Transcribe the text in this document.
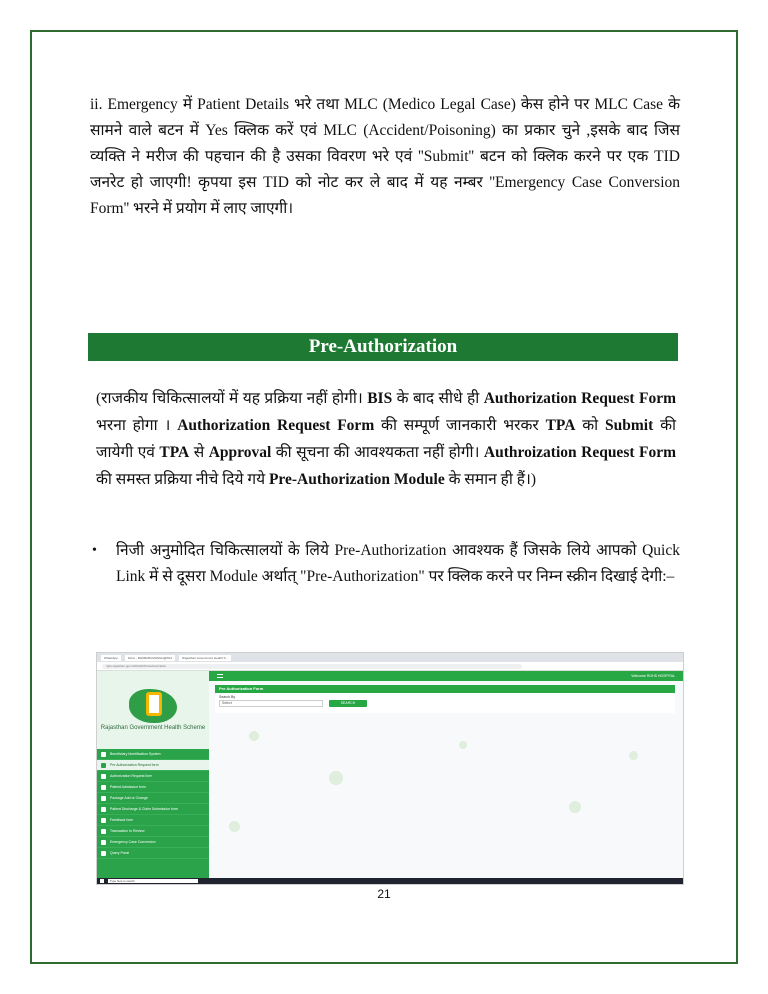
ii. Emergency में Patient Details भरे तथा MLC (Medico Legal Case) केस होने पर MLC Case के सामने वाले बटन में Yes क्लिक करें एवं MLC (Accident/Poisoning) का प्रकार चुने ,इसके बाद जिस व्यक्ति ने मरीज की पहचान की है उसका विवरण भरे एवं ''Submit'' बटन को क्लिक करने पर एक TID जनरेट हो जाएगी! कृपया इस TID को नोट कर ले बाद में यह नम्बर ''Emergency Case Conversion Form'' भरने में प्रयोग में लाए जाएगी।

Pre-Authorization

(राजकीय चिकित्सालयों में यह प्रक्रिया नहीं होगी। BIS के बाद सीधे ही Authorization Request Form भरना होगा । Authorization Request Form की सम्पूर्ण जानकारी भरकर TPA को Submit की जायेगी एवं TPA से Approval की सूचना की आवश्यकता नहीं होगी। Authroization Request Form की समस्त प्रक्रिया नीचे दिये गये Pre-Authorization Module के समान ही हैं।)

•	निजी अनुमोदित चिकित्सालयों के लिये Pre-Authorization आवश्यक हैं जिसके लिये आपको Quick Link में से दूसरा Module अर्थात् "Pre-Authorization" पर क्लिक करने पर निम्न स्क्रीन दिखाई देगी:–
WhatsApp	Inbox - BHUBARVASINGH@RAJ	Rajasthan Government Health S...
rghs.rajasthan.gov.in/RGHS/PreAuthorization
Rajasthan Government Health Scheme
Beneficiary Identification System
Pre Authorization Request form
Authorization Request form
Patient Admission form
Package Add or Change
Patient Discharge & Claim Submission form
Feedback form
Transaction In Review
Emergency Case Conversion
Query Panel
Welcome RGHS HOSPITAL
Pre Authorization Form
Search By
Select	SEARCH
Type here to search
21
